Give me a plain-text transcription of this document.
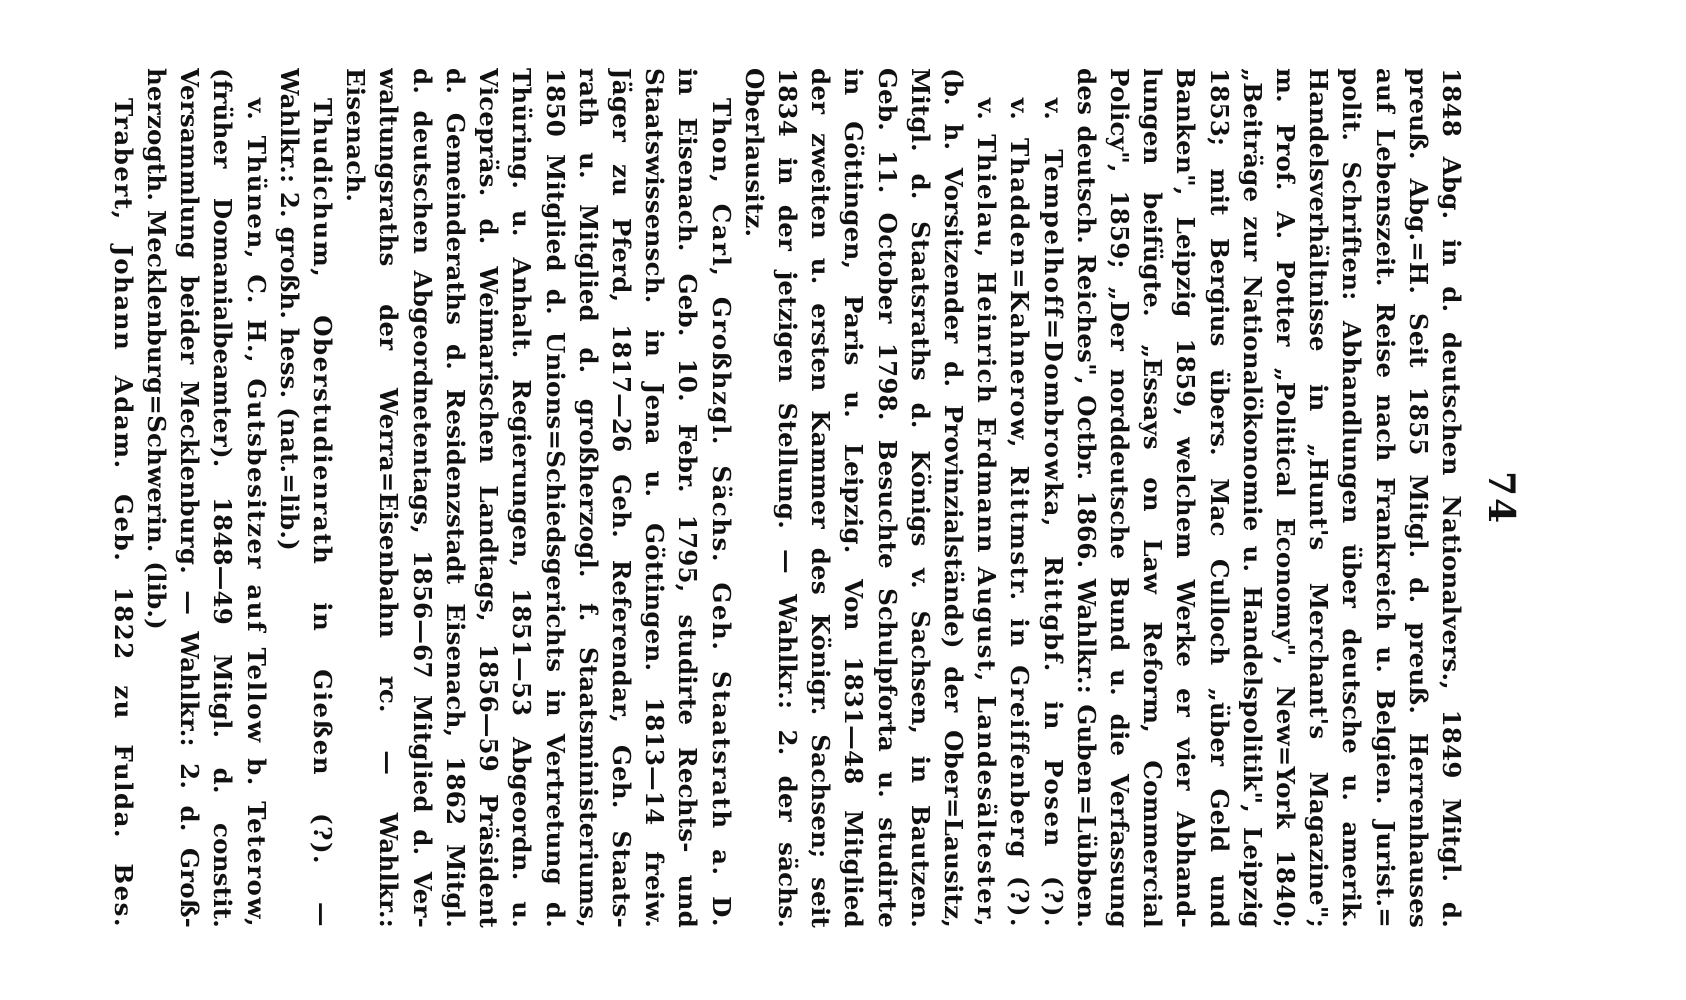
74
1848 Abg. in d. deutschen Nationalvers., 1849 Mitgl. d.
preuß. Abg.=H. Seit 1855 Mitgl. d. preuß. Herrenhauses
auf Lebenszeit. Reise nach Frankreich u. Belgien. Jurist.=
polit. Schriften: Abhandlungen über deutsche u. amerik.
Handelsverhältnisse in „Hunt's Merchant's Magazine";
m. Prof. A. Potter „Political Economy", New=York 1840;
„Beiträge zur Nationalökonomie u. Handelspolitik", Leipzig
1853; mit Bergius übers. Mac Culloch „über Geld und
Banken", Leipzig 1859, welchem Werke er vier Abhand-
lungen beifügte. „Essays on Law Reform, Commercial
Policy", 1859; „Der norddeutsche Bund u. die Verfassung
des deutsch. Reiches", Octbr. 1866. Wahlkr.: Guben=Lübben.
v. Tempelhoff=Dombrowka, Rittgbf. in Posen (?).
v. Thadden=Kahnerow, Rittmstr. in Greiffenberg (?).
v. Thielau, Heinrich Erdmann August, Landesältester,
(b. h. Vorsitzender d. Provinzialstände) der Ober=Lausitz,
Mitgl. d. Staatsraths d. Königs v. Sachsen, in Bautzen.
Geb. 11. October 1798. Besuchte Schulpforta u. studirte
in Göttingen, Paris u. Leipzig. Von 1831—48 Mitglied
der zweiten u. ersten Kammer des Königr. Sachsen; seit
1834 in der jetzigen Stellung. — Wahlkr.: 2. der sächs.
Oberlausitz.
Thon, Carl, Großhzgl. Sächs. Geh. Staatsrath a. D.
in Eisenach. Geb. 10. Febr. 1795, studirte Rechts- und
Staatswissensch. in Jena u. Göttingen. 1813—14 freiw.
Jäger zu Pferd, 1817—26 Geh. Referendar, Geh. Staats-
rath u. Mitglied d. großherzogl. f. Staatsministeriums,
1850 Mitglied d. Unions=Schiedsgerichts in Vertretung d.
Thüring. u. Anhalt. Regierungen, 1851—53 Abgeordn. u.
Vicepräs. d. Weimarischen Landtags, 1856—59 Präsident
d. Gemeinderaths d. Residenzstadt Eisenach, 1862 Mitgl.
d. deutschen Abgeordnetentags, 1856—67 Mitglied d. Ver-
waltungsraths der Werra=Eisenbahn rc. — Wahlkr.:
Eisenach.
Thudichum, Oberstudienrath in Gießen (?). —
Wahlkr.: 2. großh. hess. (nat.=lib.)
v. Thünen, C. H., Gutsbesitzer auf Tellow b. Teterow,
(früher Domanialbeamter). 1848—49 Mitgl. d. constit.
Versammlung beider Mecklenburg. — Wahlkr.: 2. d. Groß-
herzogth. Mecklenburg=Schwerin. (lib.)
Trabert, Johann Adam. Geb. 1822 zu Fulda. Bes.
